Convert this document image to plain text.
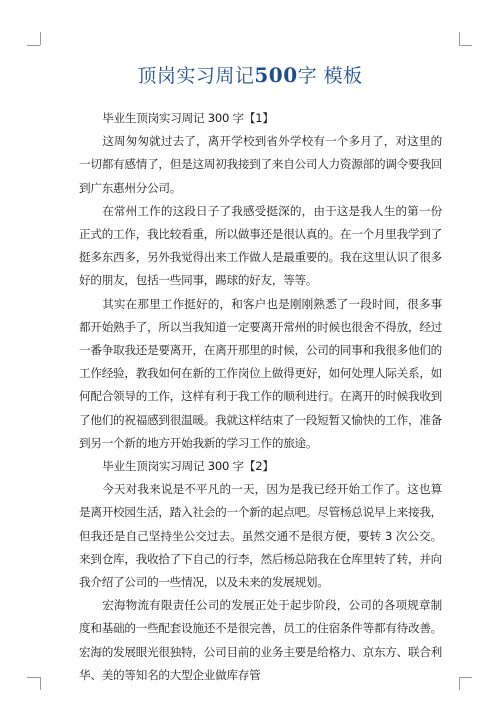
顶岗实习周记500字 模板

毕业生顶岗实习周记 300 字【1】

这周匆匆就过去了，离开学校到省外学校有一个多月了，对这里的一切都有感情了，但是这周初我接到了来自公司人力资源部的调令要我回到广东惠州分公司。

在常州工作的这段日子了我感受挺深的，由于这是我人生的第一份正式的工作，我比较看重，所以做事还是很认真的。在一个月里我学到了挺多东西多，另外我觉得出来工作做人是最重要的。我在这里认识了很多好的朋友，包括一些同事，踢球的好友，等等。

其实在那里工作挺好的，和客户也是刚刚熟悉了一段时间，很多事都开始熟手了，所以当我知道一定要离开常州的时候也很舍不得放，经过一番争取我还是要离开，在离开那里的时候，公司的同事和我很多他们的工作经验，教我如何在新的工作岗位上做得更好，如何处理人际关系，如何配合领导的工作，这样有利于我工作的顺利进行。在离开的时候我收到了他们的祝福感到很温暖。我就这样结束了一段短暂又愉快的工作，准备到另一个新的地方开始我新的学习工作的旅途。

毕业生顶岗实习周记 300 字【2】

今天对我来说是不平凡的一天，因为是我已经开始工作了。这也算是离开校园生活，踏入社会的一个新的起点吧。尽管杨总说早上来接我，但我还是自己坚持坐公交过去。虽然交通不是很方便，要转 3 次公交。来到仓库，我收拾了下自己的行李，然后杨总陪我在仓库里转了转，并向我介绍了公司的一些情况，以及未来的发展规划。

宏海物流有限责任公司的发展正处于起步阶段，公司的各项规章制度和基础的一些配套设施还不是很完善，员工的住宿条件等都有待改善。宏海的发展眼光很独特，公司目前的业务主要是给格力、京东方、联合利华、美的等知名的大型企业做库存管
